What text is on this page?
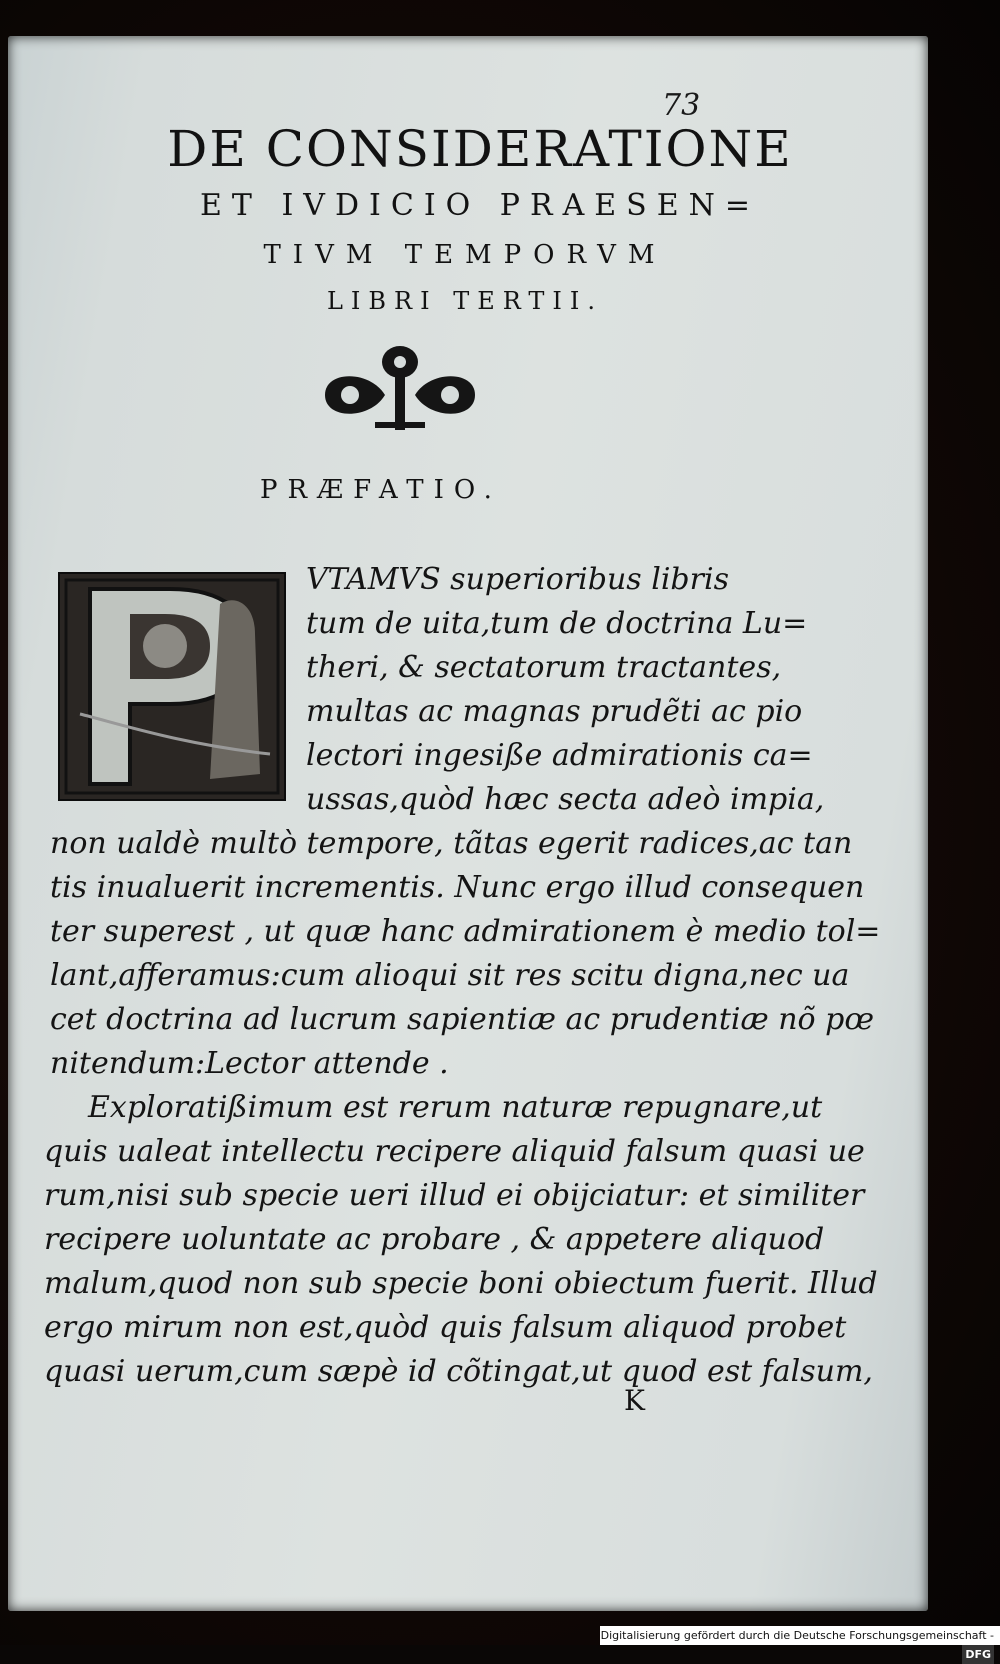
73
DE CONSIDERATIONE
ET IVDICIO PRAESEN=
TIVM TEMPORVM
LIBRI TERTII.
PRÆFATIO.
VTAMVS superioribus libris
tum de uita,tum de doctrina Lu=
theri, & sectatorum tractantes,
multas ac magnas prudẽti ac pio
lectori ingesiße admirationis ca=
ussas,quòd hæc secta adeò impia,
non ualdè multò tempore, tãtas egerit radices,ac tan
tis inualuerit incrementis. Nunc ergo illud consequen
ter superest , ut quæ hanc admirationem è medio tol=
lant,afferamus:cum alioqui sit res scitu digna,nec ua
cet doctrina ad lucrum sapientiæ ac prudentiæ nõ pœ
nitendum:Lector attende .
Exploratißimum est rerum naturæ repugnare,ut
quis ualeat intellectu recipere aliquid falsum quasi ue
rum,nisi sub specie ueri illud ei obijciatur: et similiter
recipere uoluntate ac probare , & appetere aliquod
malum,quod non sub specie boni obiectum fuerit. Illud
ergo mirum non est,quòd quis falsum aliquod probet
quasi uerum,cum sæpè id cõtingat,ut quod est falsum,
K
Digitalisierung gefördert durch die Deutsche Forschungsgemeinschaft -DFG
